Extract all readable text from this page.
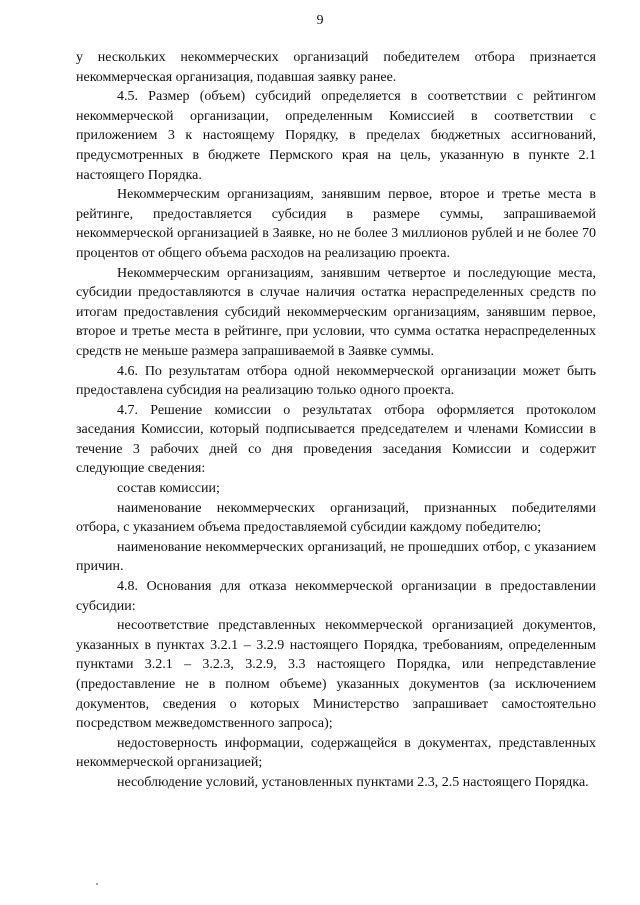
9

у нескольких некоммерческих организаций победителем отбора признается некоммерческая организация, подавшая заявку ранее.

4.5. Размер (объем) субсидий определяется в соответствии с рейтингом некоммерческой организации, определенным Комиссией в соответствии с приложением 3 к настоящему Порядку, в пределах бюджетных ассигнований, предусмотренных в бюджете Пермского края на цель, указанную в пункте 2.1 настоящего Порядка.

Некоммерческим организациям, занявшим первое, второе и третье места в рейтинге, предоставляется субсидия в размере суммы, запрашиваемой некоммерческой организацией в Заявке, но не более 3 миллионов рублей и не более 70 процентов от общего объема расходов на реализацию проекта.

Некоммерческим организациям, занявшим четвертое и последующие места, субсидии предоставляются в случае наличия остатка нераспределенных средств по итогам предоставления субсидий некоммерческим организациям, занявшим первое, второе и третье места в рейтинге, при условии, что сумма остатка нераспределенных средств не меньше размера запрашиваемой в Заявке суммы.

4.6. По результатам отбора одной некоммерческой организации может быть предоставлена субсидия на реализацию только одного проекта.

4.7. Решение комиссии о результатах отбора оформляется протоколом заседания Комиссии, который подписывается председателем и членами Комиссии в течение 3 рабочих дней со дня проведения заседания Комиссии и содержит следующие сведения:

состав комиссии;

наименование некоммерческих организаций, признанных победителями отбора, с указанием объема предоставляемой субсидии каждому победителю;

наименование некоммерческих организаций, не прошедших отбор, с указанием причин.

4.8. Основания для отказа некоммерческой организации в предоставлении субсидии:

несоответствие представленных некоммерческой организацией документов, указанных в пунктах 3.2.1 – 3.2.9 настоящего Порядка, требованиям, определенным пунктами 3.2.1 – 3.2.3, 3.2.9, 3.3 настоящего Порядка, или непредставление (предоставление не в полном объеме) указанных документов (за исключением документов, сведения о которых Министерство запрашивает самостоятельно посредством межведомственного запроса);

недостоверность информации, содержащейся в документах, представленных некоммерческой организацией;

несоблюдение условий, установленных пунктами 2.3, 2.5 настоящего Порядка.
